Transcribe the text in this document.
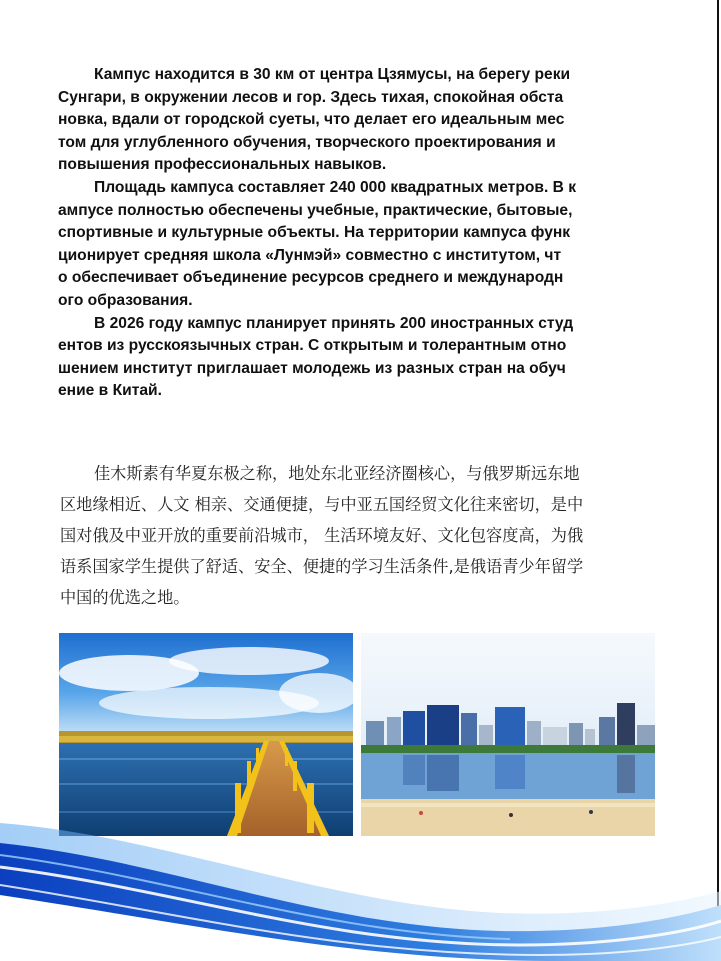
Кампус находится в 30 км от центра Цзямусы, на берегу реки
Сунгари, в окружении лесов и гор. Здесь тихая, спокойная обста
новка, вдали от городской суеты, что делает его идеальным мес
том для углубленного обучения, творческого проектирования и
повышения профессиональных навыков.
Площадь кампуса составляет 240 000 квадратных метров. В к
ампусе полностью обеспечены учебные, практические, бытовые,
спортивные и культурные объекты. На территории кампуса функ
ционирует средняя школа «Лунмэй» совместно с институтом, чт
о обеспечивает объединение ресурсов среднего и международн
ого образования.
В 2026 году кампус планирует принять 200 иностранных студ
ентов из русскоязычных стран. С открытым и толерантным отно
шением институт приглашает молодежь из разных стран на обуч
ение в Китай.
佳木斯素有华夏东极之称，地处东北亚经济圈核心，与俄罗斯远东地
区地缘相近、人文 相亲、交通便捷，与中亚五国经贸文化往来密切，是中
国对俄及中亚开放的重要前沿城市， 生活环境友好、文化包容度高，为俄
语系国家学生提供了舒适、安全、便捷的学习生活条件,是俄语青少年留学
中国的优选之地。
